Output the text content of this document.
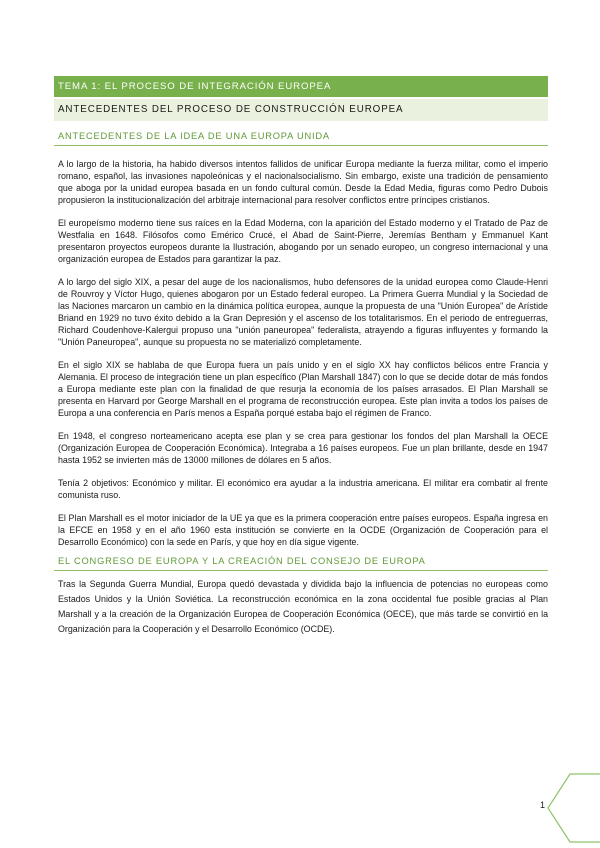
TEMA 1: EL PROCESO DE INTEGRACIÓN EUROPEA
ANTECEDENTES DEL PROCESO DE CONSTRUCCIÓN EUROPEA
ANTECEDENTES DE LA IDEA DE UNA EUROPA UNIDA

A lo largo de la historia, ha habido diversos intentos fallidos de unificar Europa mediante la fuerza militar, como el imperio romano, español, las invasiones napoleónicas y el nacionalsocialismo. Sin embargo, existe una tradición de pensamiento que aboga por la unidad europea basada en un fondo cultural común. Desde la Edad Media, figuras como Pedro Dubois propusieron la institucionalización del arbitraje internacional para resolver conflictos entre príncipes cristianos.

El europeísmo moderno tiene sus raíces en la Edad Moderna, con la aparición del Estado moderno y el Tratado de Paz de Westfalia en 1648. Filósofos como Emérico Crucé, el Abad de Saint-Pierre, Jeremías Bentham y Emmanuel Kant presentaron proyectos europeos durante la Ilustración, abogando por un senado europeo, un congreso internacional y una organización europea de Estados para garantizar la paz.

A lo largo del siglo XIX, a pesar del auge de los nacionalismos, hubo defensores de la unidad europea como Claude-Henri de Rouvroy y Víctor Hugo, quienes abogaron por un Estado federal europeo. La Primera Guerra Mundial y la Sociedad de las Naciones marcaron un cambio en la dinámica política europea, aunque la propuesta de una "Unión Europea" de Arístide Briand en 1929 no tuvo éxito debido a la Gran Depresión y el ascenso de los totalitarismos. En el periodo de entreguerras, Richard Coudenhove-Kalergui propuso una "unión paneuropea" federalista, atrayendo a figuras influyentes y formando la "Unión Paneuropea", aunque su propuesta no se materializó completamente.

En el siglo XIX se hablaba de que Europa fuera un país unido y en el siglo XX hay conflictos bélicos entre Francia y Alemania. El proceso de integración tiene un plan específico (Plan Marshall 1847) con lo que se decide dotar de más fondos a Europa mediante este plan con la finalidad de que resurja la economía de los países arrasados. El Plan Marshall se presenta en Harvard por George Marshall en el programa de reconstrucción europea. Este plan invita a todos los países de Europa a una conferencia en París menos a España porqué estaba bajo el régimen de Franco.

En 1948, el congreso norteamericano acepta ese plan y se crea para gestionar los fondos del plan Marshall la OECE (Organización Europea de Cooperación Económica). Integraba a 16 países europeos. Fue un plan brillante, desde en 1947 hasta 1952 se invierten más de 13000 millones de dólares en 5 años.

Tenía 2 objetivos: Económico y militar. El económico era ayudar a la industria americana. El militar era combatir al frente comunista ruso.

El Plan Marshall es el motor iniciador de la UE ya que es la primera cooperación entre países europeos. España ingresa en la EFCE en 1958 y en el año 1960 esta institución se convierte en la OCDE (Organización de Cooperación para el Desarrollo Económico) con la sede en París, y que hoy en día sigue vigente.

EL CONGRESO DE EUROPA Y LA CREACIÓN DEL CONSEJO DE EUROPA

Tras la Segunda Guerra Mundial, Europa quedó devastada y dividida bajo la influencia de potencias no europeas como Estados Unidos y la Unión Soviética. La reconstrucción económica en la zona occidental fue posible gracias al Plan Marshall y a la creación de la Organización Europea de Cooperación Económica (OECE), que más tarde se convirtió en la Organización para la Cooperación y el Desarrollo Económico (OCDE).

1
